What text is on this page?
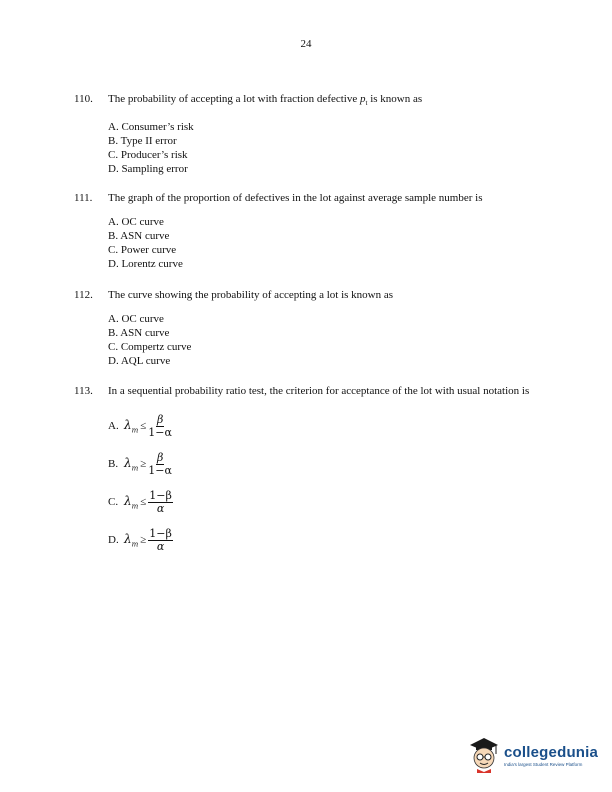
24
110.	The probability of accepting a lot with fraction defective $p_t$ is known as
A. Consumer’s risk
B. Type II error
C. Producer’s risk
D. Sampling error
111.	The graph of the proportion of defectives in the lot against average sample number is
A. OC curve
B. ASN curve
C. Power curve
D. Lorentz curve
112.	The curve showing the probability of accepting a lot is known as
A. OC curve
B. ASN curve
C. Compertz curve
D. AQL curve
113.	In a sequential probability ratio test, the criterion for acceptance of the lot with usual notation is
A. $\lambda_m \le \frac{\beta}{1-\alpha}$
B. $\lambda_m \ge \frac{\beta}{1-\alpha}$
C. $\lambda_m \le \frac{1-\beta}{\alpha}$
D. $\lambda_m \ge \frac{1-\beta}{\alpha}$
collegedunia
India's largest Student Review Platform
